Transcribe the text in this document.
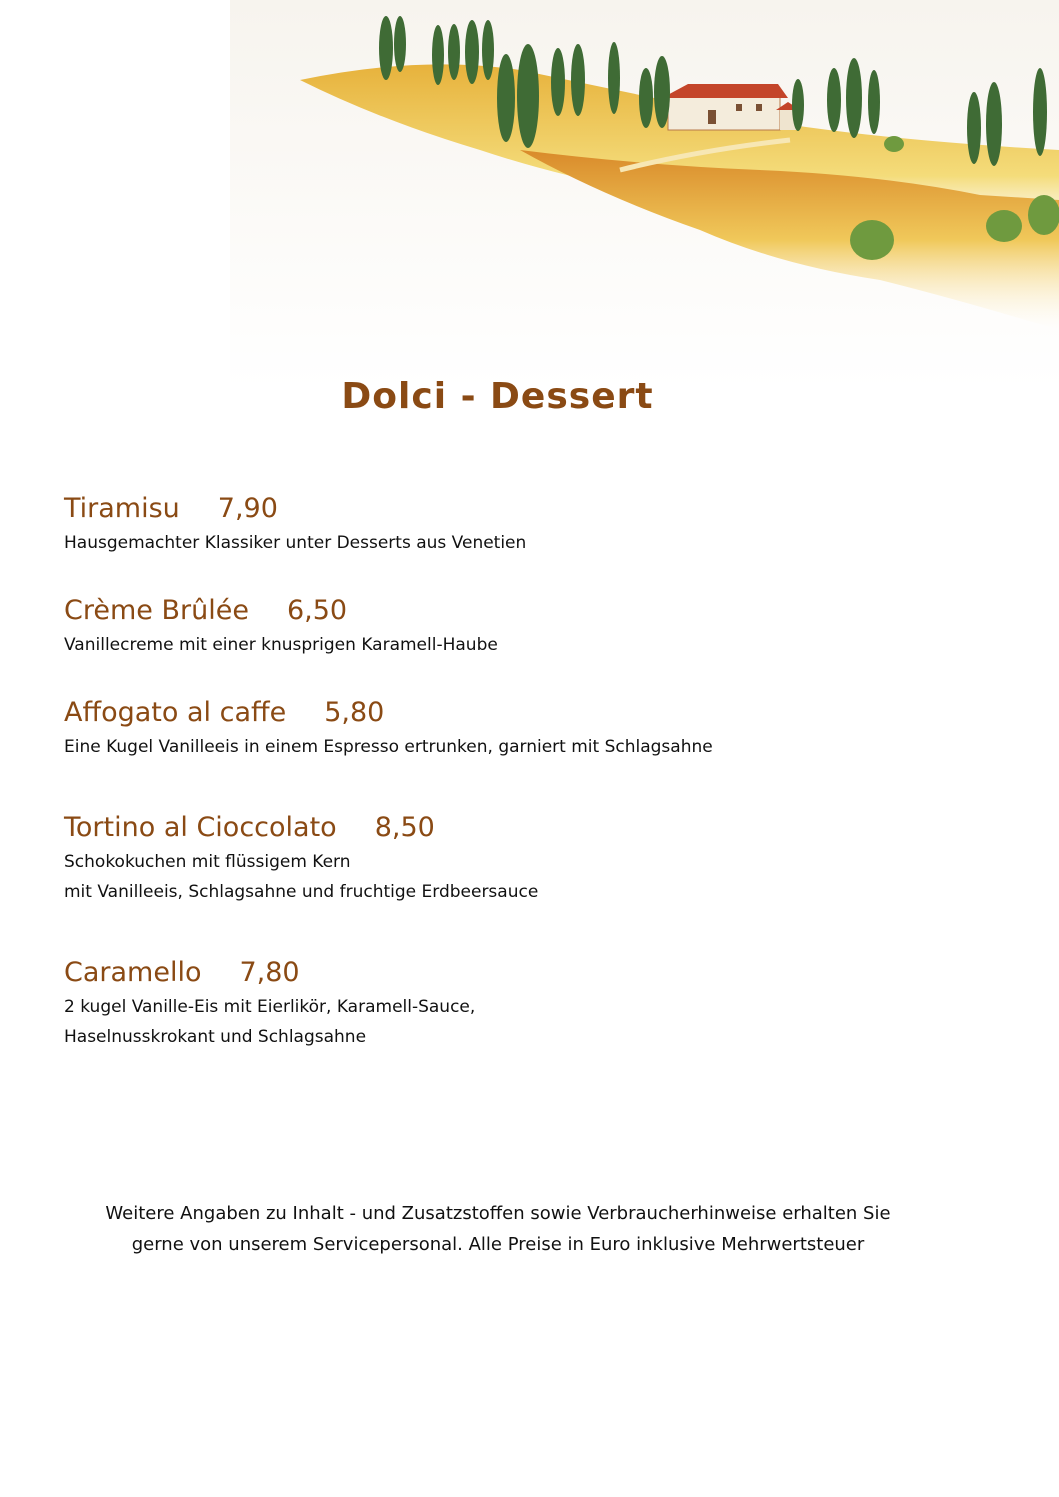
Dolci - Dessert
Tiramisu 7,90
Hausgemachter Klassiker unter Desserts aus Venetien
Crème Brûlée 6,50
Vanillecreme mit einer knusprigen Karamell-Haube
Affogato al caffe 5,80
Eine Kugel Vanilleeis in einem Espresso ertrunken, garniert mit Schlagsahne
Tortino al Cioccolato 8,50
Schokokuchen mit flüssigem Kern
mit Vanilleeis, Schlagsahne und fruchtige Erdbeersauce
Caramello 7,80
2 kugel Vanille-Eis mit Eierlikör, Karamell-Sauce,
Haselnusskrokant und Schlagsahne
Weitere Angaben zu Inhalt - und Zusatzstoffen sowie Verbraucherhinweise erhalten Sie
gerne von unserem Servicepersonal. Alle Preise in Euro inklusive Mehrwertsteuer
